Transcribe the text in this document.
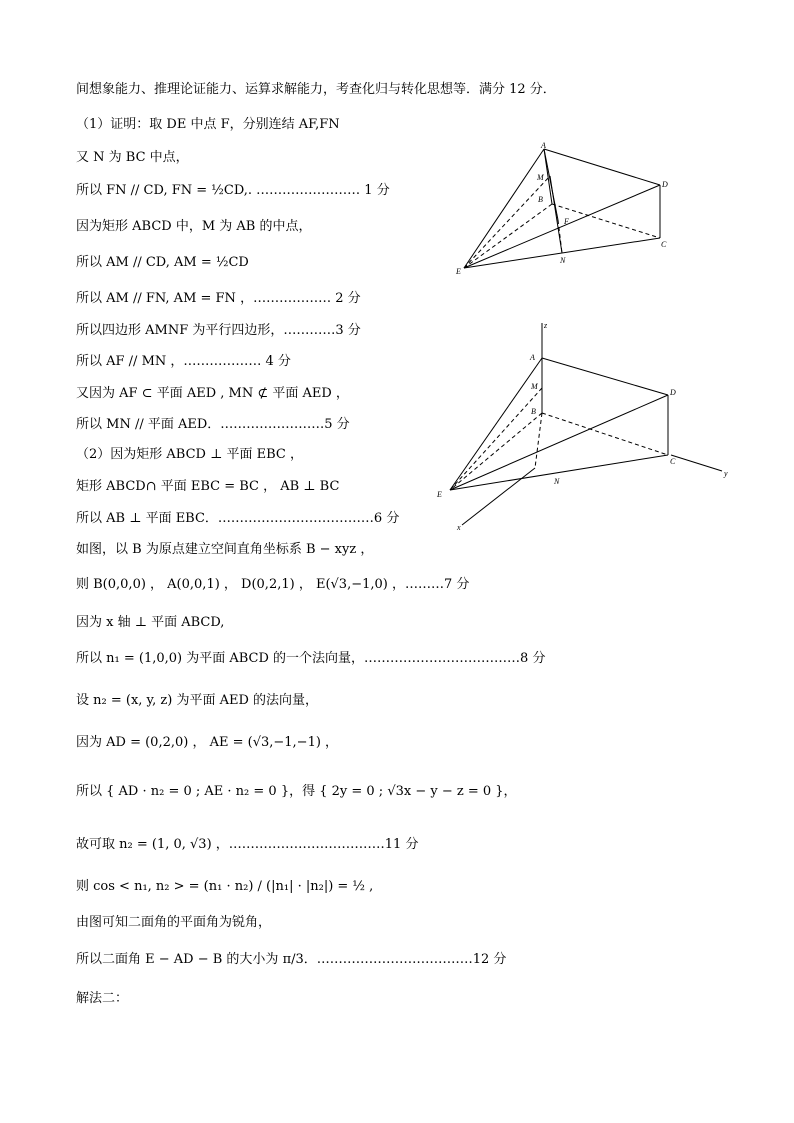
间想象能力、推理论证能力、运算求解能力，考查化归与转化思想等．满分 12 分．
（1）证明：取 DE 中点 F，分别连结 AF,FN
又 N 为 BC 中点，
所以 FN // CD, FN = ½CD,. …………………… 1 分
因为矩形 ABCD 中，M 为 AB 的中点，
所以 AM // CD, AM = ½CD
所以 AM // FN, AM = FN ，……………… 2 分
所以四边形 AMNF 为平行四边形，…………3 分
所以 AF // MN ，……………… 4 分
又因为 AF ⊂ 平面 AED , MN ⊄ 平面 AED ，
所以 MN // 平面 AED．……………………5 分
（2）因为矩形 ABCD ⊥ 平面 EBC ，
矩形 ABCD∩ 平面 EBC = BC ， AB ⊥ BC
所以 AB ⊥ 平面 EBC．………………………………6 分
如图，以 B 为原点建立空间直角坐标系 B − xyz ，
则 B(0,0,0) ， A(0,0,1) ， D(0,2,1) ， E(√3,−1,0) ，………7 分
因为 x 轴 ⊥ 平面 ABCD,
所以 n₁ = (1,0,0) 为平面 ABCD 的一个法向量，………………………………8 分
设 n₂ = (x, y, z) 为平面 AED 的法向量，
因为 AD = (0,2,0) ， AE = (√3,−1,−1) ，
所以 { AD · n₂ = 0 ; AE · n₂ = 0 }，得 { 2y = 0 ; √3x − y − z = 0 }，
故可取 n₂ = (1, 0, √3) ，………………………………11 分
则 cos < n₁, n₂ > = (n₁ · n₂) / (|n₁| · |n₂|) = ½ ,
由图可知二面角的平面角为锐角，
所以二面角 E − AD − B 的大小为 π/3．………………………………12 分
解法二：
A
M
B
F
D
C
N
E
z
A
M
B
D
C
N
E
y
x
